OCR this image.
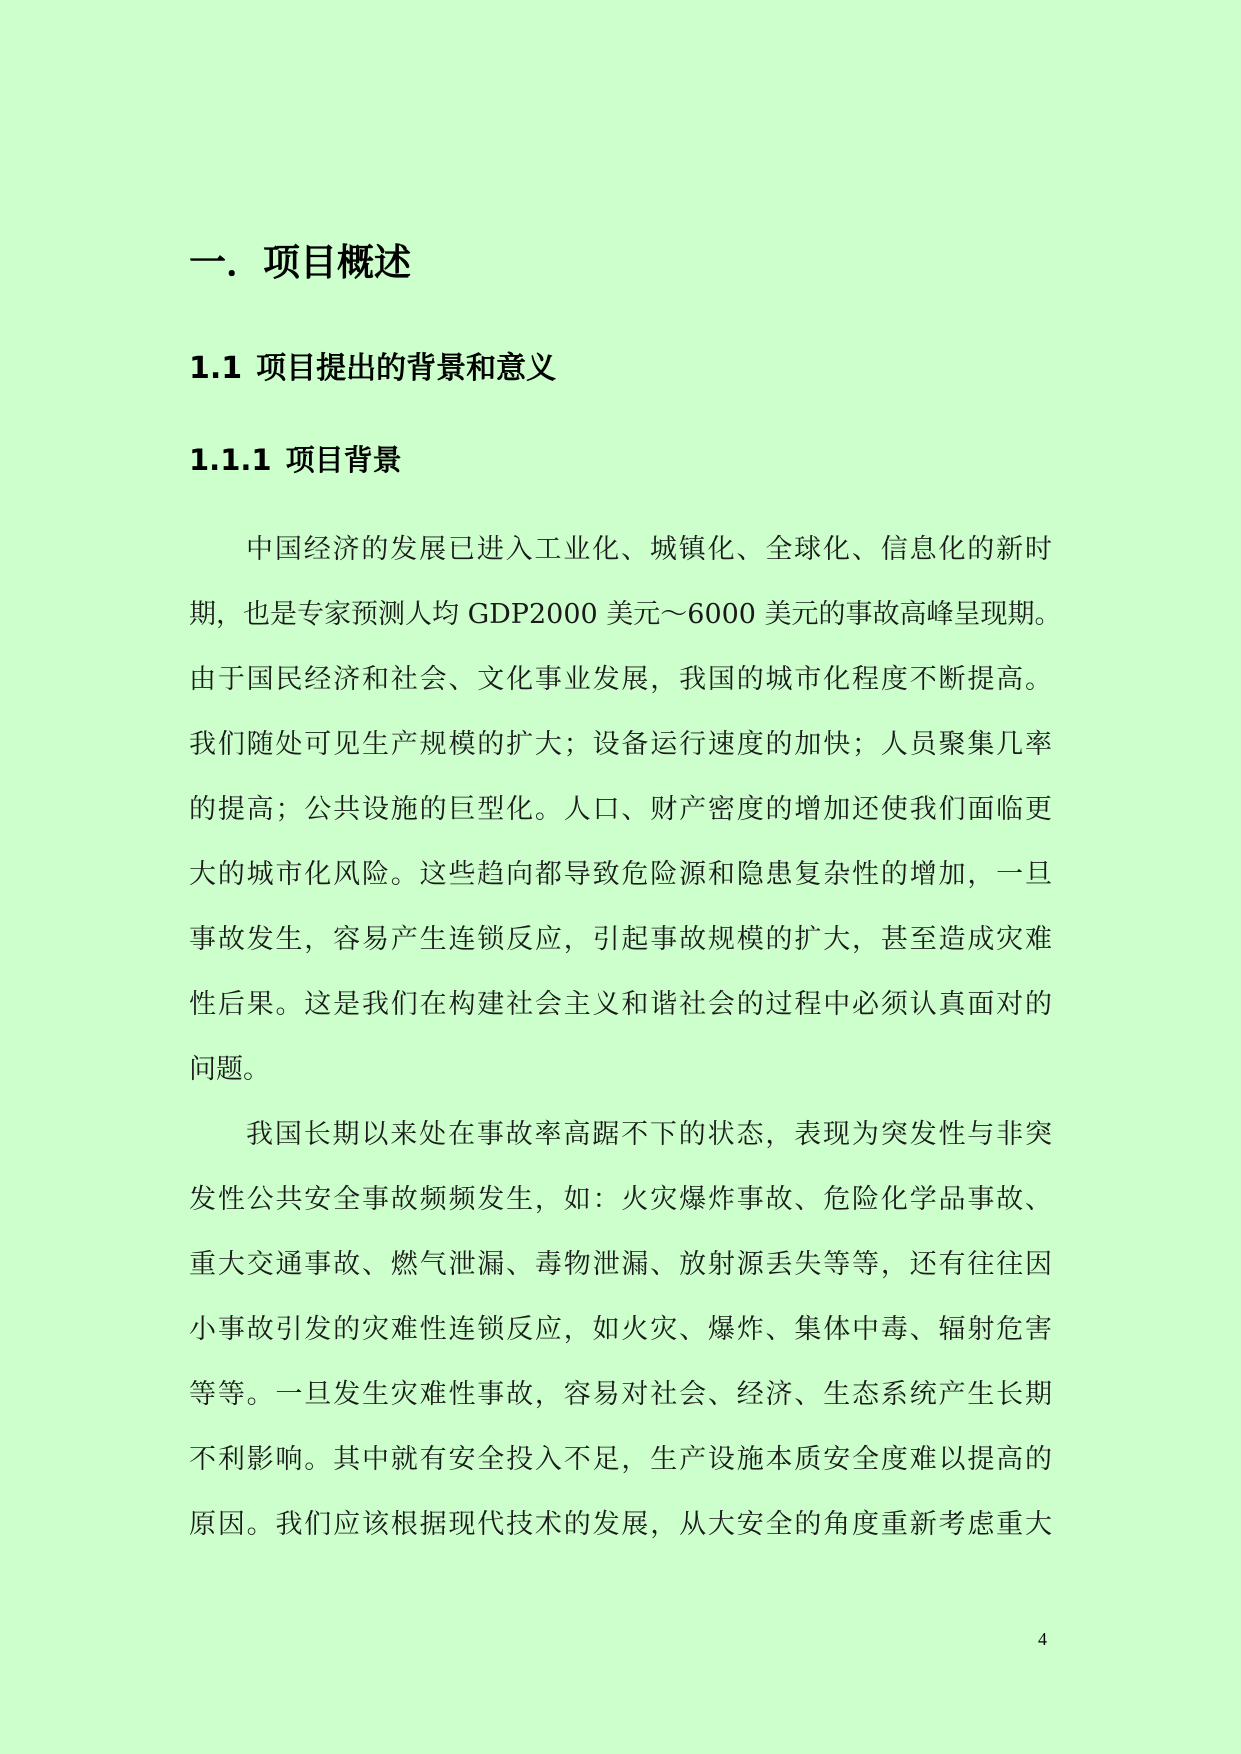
一．项目概述
1.1 项目提出的背景和意义
1.1.1 项目背景

中国经济的发展已进入工业化、城镇化、全球化、信息化的新时
期，也是专家预测人均 GDP2000 美元～6000 美元的事故高峰呈现期。
由于国民经济和社会、文化事业发展，我国的城市化程度不断提高。
我们随处可见生产规模的扩大；设备运行速度的加快；人员聚集几率
的提高；公共设施的巨型化。人口、财产密度的增加还使我们面临更
大的城市化风险。这些趋向都导致危险源和隐患复杂性的增加，一旦
事故发生，容易产生连锁反应，引起事故规模的扩大，甚至造成灾难
性后果。这是我们在构建社会主义和谐社会的过程中必须认真面对的
问题。

我国长期以来处在事故率高踞不下的状态，表现为突发性与非突
发性公共安全事故频频发生，如：火灾爆炸事故、危险化学品事故、
重大交通事故、燃气泄漏、毒物泄漏、放射源丢失等等，还有往往因
小事故引发的灾难性连锁反应，如火灾、爆炸、集体中毒、辐射危害
等等。一旦发生灾难性事故，容易对社会、经济、生态系统产生长期
不利影响。其中就有安全投入不足，生产设施本质安全度难以提高的
原因。我们应该根据现代技术的发展，从大安全的角度重新考虑重大

4
